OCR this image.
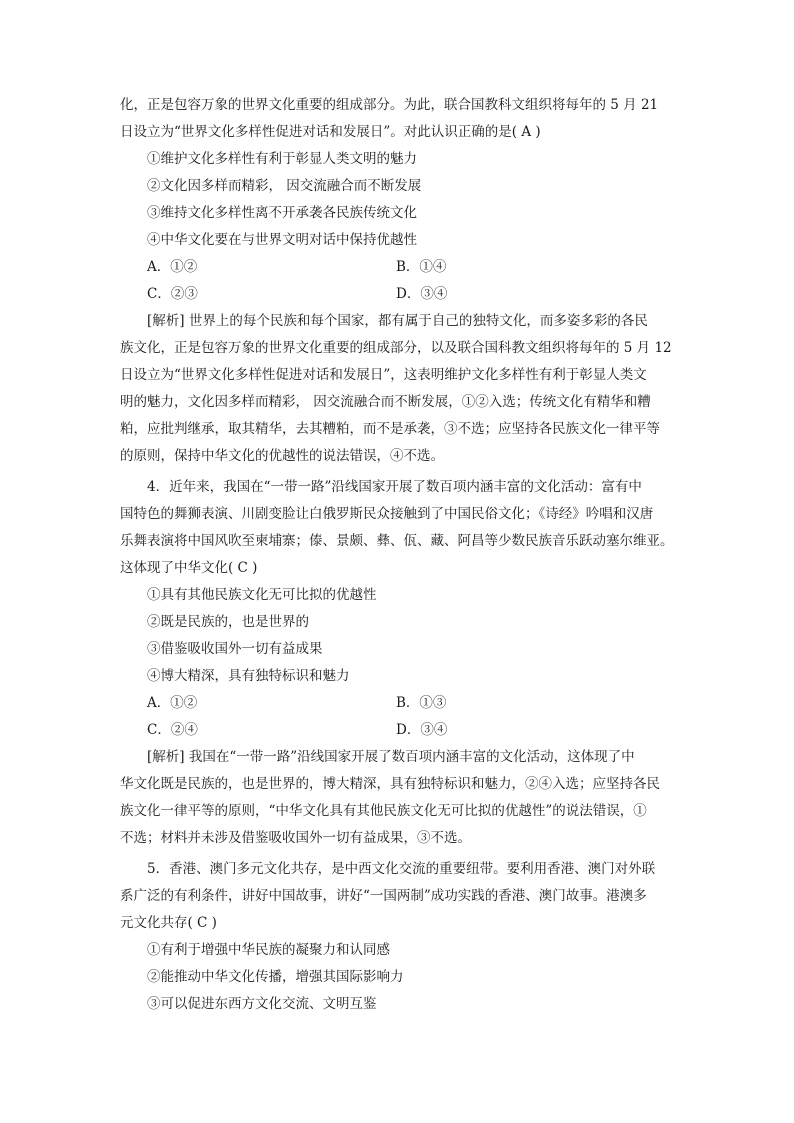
化，正是包容万象的世界文化重要的组成部分。为此，联合国教科文组织将每年的 5 月 21
日设立为“世界文化多样性促进对话和发展日”。对此认识正确的是( A )
①维护文化多样性有利于彰显人类文明的魅力
②文化因多样而精彩， 因交流融合而不断发展
③维持文化多样性离不开承袭各民族传统文化
④中华文化要在与世界文明对话中保持优越性
A．①②	B．①④
C．②③	D．③④
[解析] 世界上的每个民族和每个国家，都有属于自己的独特文化，而多姿多彩的各民
族文化，正是包容万象的世界文化重要的组成部分，以及联合国科教文组织将每年的 5 月 12
日设立为“世界文化多样性促进对话和发展日”，这表明维护文化多样性有利于彰显人类文
明的魅力，文化因多样而精彩， 因交流融合而不断发展，①②入选；传统文化有精华和糟
粕，应批判继承，取其精华，去其糟粕，而不是承袭，③不选；应坚持各民族文化一律平等
的原则，保持中华文化的优越性的说法错误，④不选。
4．近年来，我国在“一带一路”沿线国家开展了数百项内涵丰富的文化活动：富有中
国特色的舞狮表演、川剧变脸让白俄罗斯民众接触到了中国民俗文化；《诗经》吟唱和汉唐
乐舞表演将中国风吹至柬埔寨；傣、景颇、彝、佤、藏、阿昌等少数民族音乐跃动塞尔维亚。
这体现了中华文化( C )
①具有其他民族文化无可比拟的优越性
②既是民族的，也是世界的
③借鉴吸收国外一切有益成果
④博大精深，具有独特标识和魅力
A．①②	B．①③
C．②④	D．③④
[解析] 我国在“一带一路”沿线国家开展了数百项内涵丰富的文化活动，这体现了中
华文化既是民族的，也是世界的，博大精深，具有独特标识和魅力，②④入选；应坚持各民
族文化一律平等的原则，“中华文化具有其他民族文化无可比拟的优越性”的说法错误，①
不选；材料并未涉及借鉴吸收国外一切有益成果，③不选。
5．香港、澳门多元文化共存，是中西文化交流的重要纽带。要利用香港、澳门对外联
系广泛的有利条件，讲好中国故事，讲好“一国两制”成功实践的香港、澳门故事。港澳多
元文化共存( C )
①有利于增强中华民族的凝聚力和认同感
②能推动中华文化传播，增强其国际影响力
③可以促进东西方文化交流、文明互鉴
